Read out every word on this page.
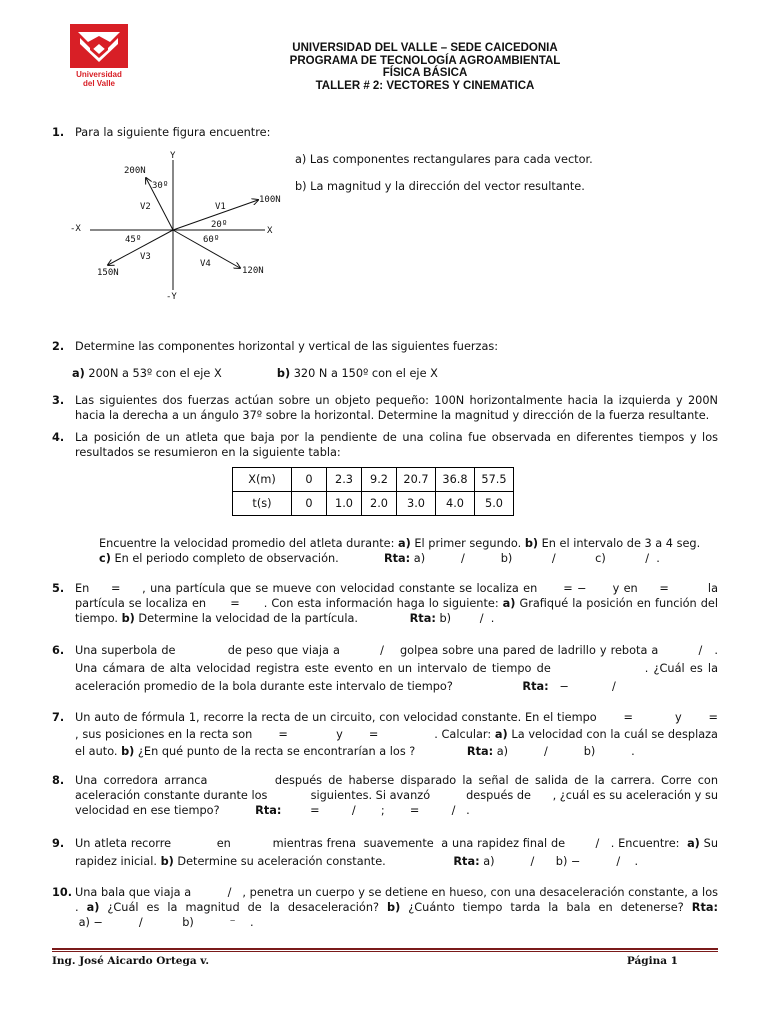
Universidad
del Valle
UNIVERSIDAD DEL VALLE – SEDE CAICEDONIA
PROGRAMA DE TECNOLOGÍA AGROAMBIENTAL
FÍSICA BÁSICA
TALLER # 2: VECTORES Y CINEMATICA
1. Para la siguiente figura encuentre:
a) Las componentes rectangulares para cada vector.
b) La magnitud y la dirección del vector resultante.
Y
-Y
X
-X
100N
V1
20º
200N
V2
30º
150N
V3
45º
120N
V4
60º
2. Determine las componentes horizontal y vertical de las siguientes fuerzas:
a) 200N a 53º con el eje X	b) 320 N a 150º con el eje X
3. Las siguientes dos fuerzas actúan sobre un objeto pequeño: 100N horizontalmente hacia la izquierda y 200N hacia la derecha a un ángulo 37º sobre la horizontal. Determine la magnitud y dirección de la fuerza resultante.
4. La posición de un atleta que baja por la pendiente de una colina fue observada en diferentes tiempos y los resultados se resumieron en la siguiente tabla:
X(m)	0	2.3	9.2	20.7	36.8	57.5
t(s)	0	1.0	2.0	3.0	4.0	5.0
Encuentre la velocidad promedio del atleta durante: a) El primer segundo. b) En el intervalo de 3 a 4 seg.
c) En el periodo completo de observación.	Rta: a)          /          b)           /           c)           /  .
5. En     =     , una partícula que se mueve con velocidad constante se localiza en      = −      y en     =         la partícula se localiza en      =      . Con esta información haga lo siguiente: a) Grafiqué la posición en función del tiempo. b) Determine la velocidad de la partícula.	Rta: b)        /  .
6. Una superbola de             de peso que viaja a          /    golpea sobre una pared de ladrillo y rebota a          /   . Una cámara de alta velocidad registra este evento en un intervalo de tiempo de                  . ¿Cuál es la aceleración promedio de la bola durante este intervalo de tiempo?	Rta:   −            /
7. Un auto de fórmula 1, recorre la recta de un circuito, con velocidad constante. En el tiempo       =           y       =           , sus posiciones en la recta son       =             y       =               . Calcular: a) La velocidad con la cuál se desplaza el auto. b) ¿En qué punto de la recta se encontrarían a los ?	Rta: a)          /          b)          .
8. Una corredora arranca           después de haberse disparado la señal de salida de la carrera. Corre con aceleración constante durante los            siguientes. Si avanzó          después de      , ¿cuál es su aceleración y su velocidad en ese tiempo?	Rta:        =         /       ;       =         /   .
9. Un atleta recorre            en           mientras frena  suavemente  a una rapidez final de        /   . Encuentre:  a) Su rapidez inicial. b) Determine su aceleración constante.	Rta: a)          /      b) −          /    .
10. Una bala que viaja a          /   , penetra un cuerpo y se detiene en hueso, con una desaceleración constante, a los         . a) ¿Cuál es la magnitud de la desaceleración? b) ¿Cuánto tiempo tarda la bala en detenerse? Rta: a) −          /           b)          ⁻    .
Ing. José Aicardo Ortega v.	Página 1
